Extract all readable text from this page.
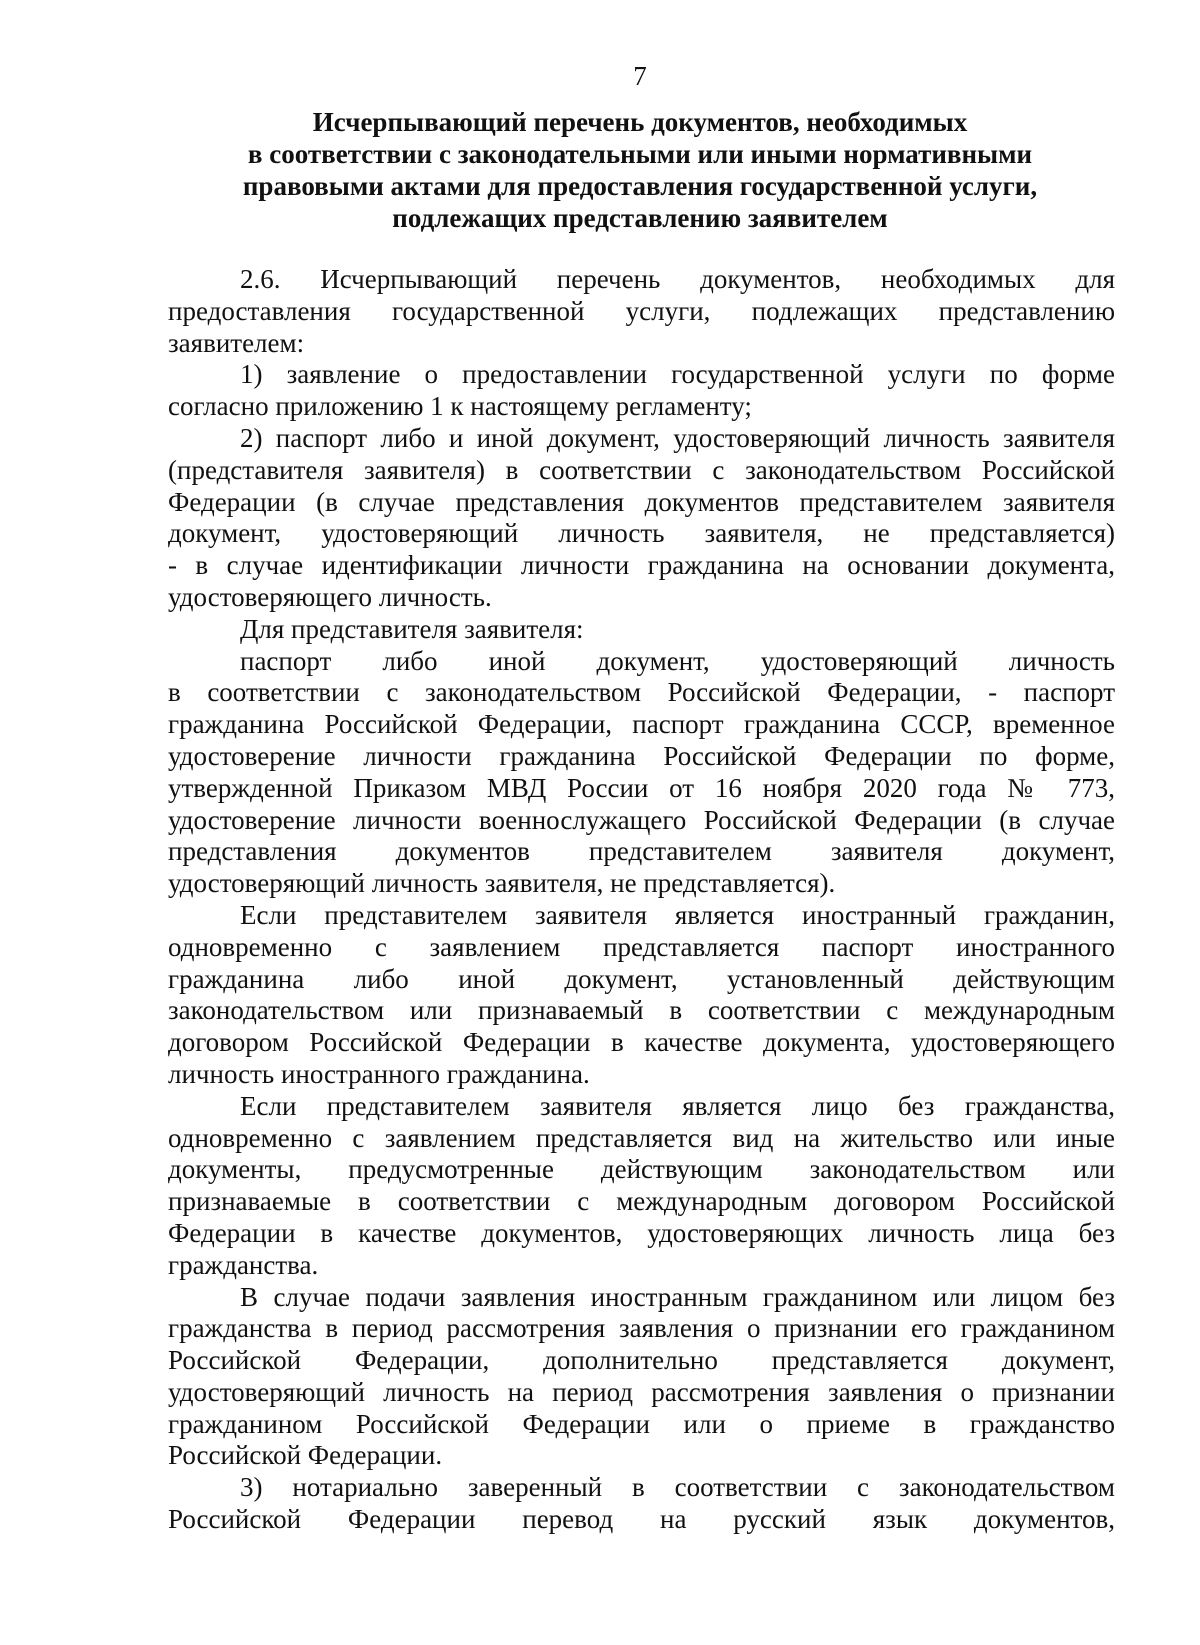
7
Исчерпывающий перечень документов, необходимых
в соответствии с законодательными или иными нормативными
правовыми актами для предоставления государственной услуги,
подлежащих представлению заявителем
2.6. Исчерпывающий перечень документов, необходимых для
предоставления государственной услуги, подлежащих представлению
заявителем:
1) заявление о предоставлении государственной услуги по форме
согласно приложению 1 к настоящему регламенту;
2) паспорт либо и иной документ, удостоверяющий личность заявителя
(представителя заявителя) в соответствии с законодательством Российской
Федерации (в случае представления документов представителем заявителя
документ, удостоверяющий личность заявителя, не представляется)
- в случае идентификации личности гражданина на основании документа,
удостоверяющего личность.
Для представителя заявителя:
паспорт либо иной документ, удостоверяющий личность
в соответствии с законодательством Российской Федерации, - паспорт
гражданина Российской Федерации, паспорт гражданина СССР, временное
удостоверение личности гражданина Российской Федерации по форме,
утвержденной Приказом МВД России от 16 ноября 2020 года № 773,
удостоверение личности военнослужащего Российской Федерации (в случае
представления документов представителем заявителя документ,
удостоверяющий личность заявителя, не представляется).
Если представителем заявителя является иностранный гражданин,
одновременно с заявлением представляется паспорт иностранного
гражданина либо иной документ, установленный действующим
законодательством или признаваемый в соответствии с международным
договором Российской Федерации в качестве документа, удостоверяющего
личность иностранного гражданина.
Если представителем заявителя является лицо без гражданства,
одновременно с заявлением представляется вид на жительство или иные
документы, предусмотренные действующим законодательством или
признаваемые в соответствии с международным договором Российской
Федерации в качестве документов, удостоверяющих личность лица без
гражданства.
В случае подачи заявления иностранным гражданином или лицом без
гражданства в период рассмотрения заявления о признании его гражданином
Российской Федерации, дополнительно представляется документ,
удостоверяющий личность на период рассмотрения заявления о признании
гражданином Российской Федерации или о приеме в гражданство
Российской Федерации.
3) нотариально заверенный в соответствии с законодательством
Российской Федерации перевод на русский язык документов,
